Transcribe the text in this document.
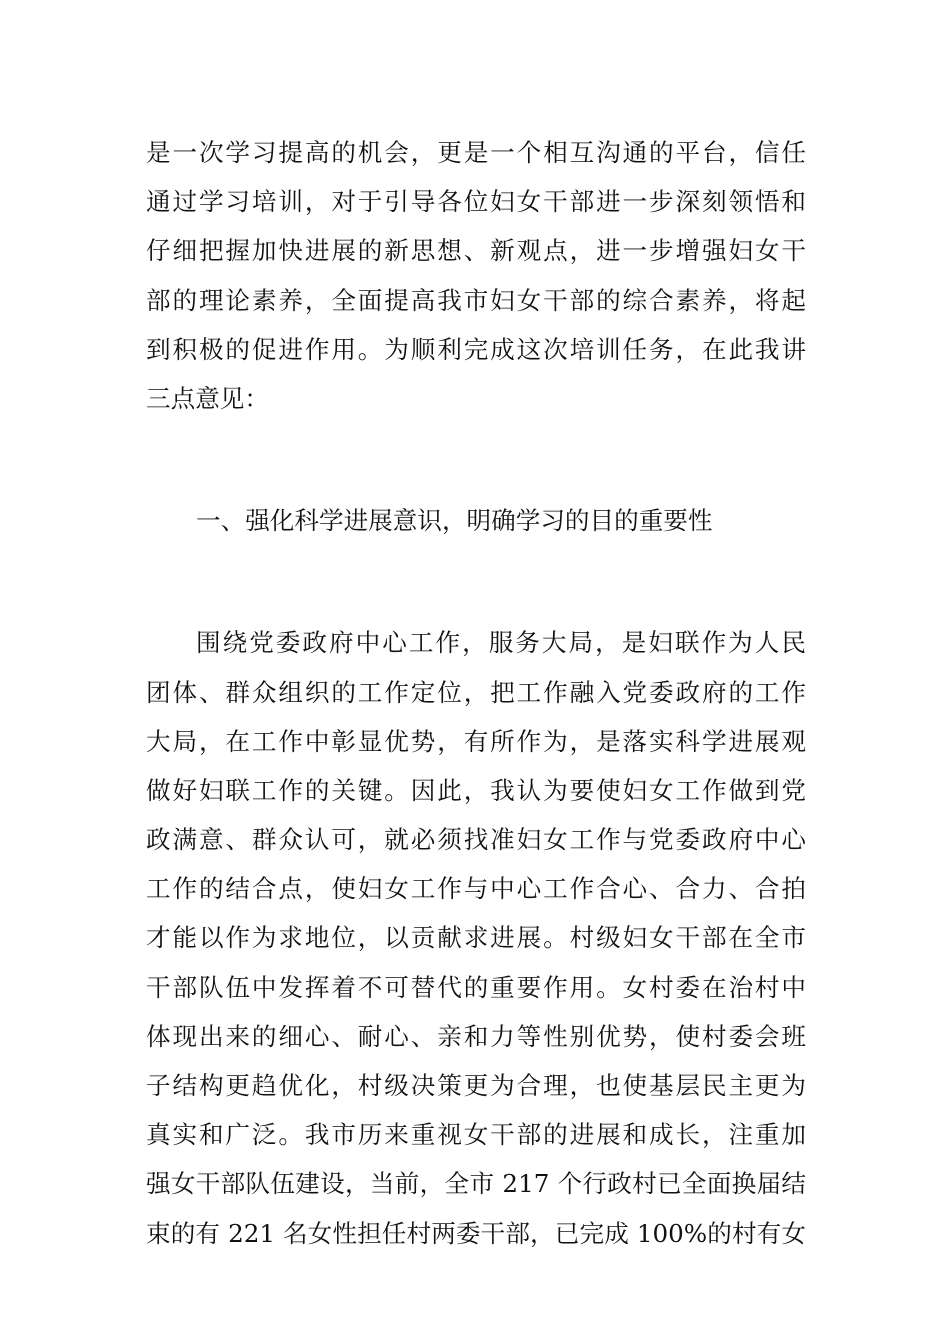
是一次学习提高的机会，更是一个相互沟通的平台，信任
通过学习培训，对于引导各位妇女干部进一步深刻领悟和
仔细把握加快进展的新思想、新观点，进一步增强妇女干
部的理论素养，全面提高我市妇女干部的综合素养，将起
到积极的促进作用。为顺利完成这次培训任务，在此我讲
三点意见：
一、强化科学进展意识，明确学习的目的重要性
围绕党委政府中心工作，服务大局，是妇联作为人民
团体、群众组织的工作定位，把工作融入党委政府的工作
大局，在工作中彰显优势，有所作为，是落实科学进展观
做好妇联工作的关键。因此，我认为要使妇女工作做到党
政满意、群众认可，就必须找准妇女工作与党委政府中心
工作的结合点，使妇女工作与中心工作合心、合力、合拍
才能以作为求地位，以贡献求进展。村级妇女干部在全市
干部队伍中发挥着不可替代的重要作用。女村委在治村中
体现出来的细心、耐心、亲和力等性别优势，使村委会班
子结构更趋优化，村级决策更为合理，也使基层民主更为
真实和广泛。我市历来重视女干部的进展和成长，注重加
强女干部队伍建设，当前，全市 217 个行政村已全面换届结
束的有 221 名女性担任村两委干部，已完成 100%的村有女
